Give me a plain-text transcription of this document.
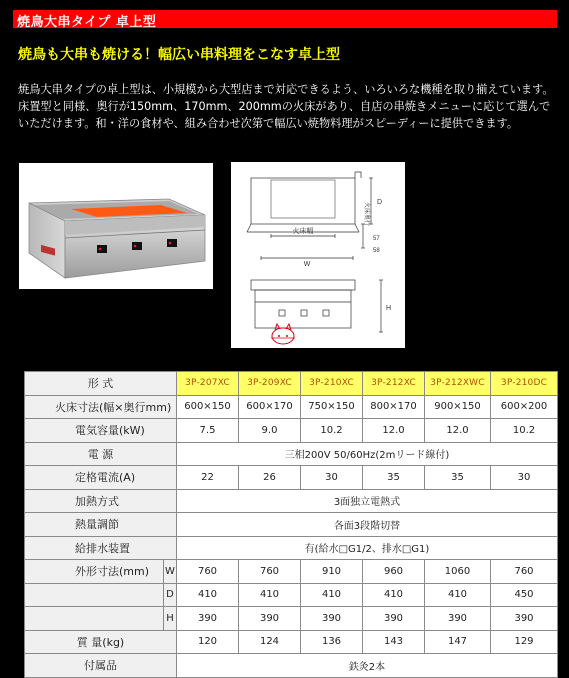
焼鳥大串タイプ 卓上型
焼鳥も大串も焼ける！幅広い串料理をこなす卓上型
焼鳥大串タイプの卓上型は、小規模から大型店まで対応できるよう、いろいろな機種を取り揃えています。床置型と同様、奥行が150mm、170mm、200mmの火床があり、自店の串焼きメニューに応じて選んでいただけます。和・洋の食材や、組み合わせ次第で幅広い焼物料理がスピーディーに提供できます。
火床幅
W
D
火床奥行
57
58
H
形 式		3P-207XC	3P-209XC	3P-210XC	3P-212XC	3P-212XWC	3P-210DC
火床寸法(幅×奥行mm)		600×150	600×170	750×150	800×170	900×150	600×200
電気容量(kW)		7.5	9.0	10.2	12.0	12.0	10.2
電 源		三相200V 50/60Hz(2mリード線付)					
定格電流(A)		22	26	30	35	35	30
加熱方式		3面独立電熱式					
熱量調節		各面3段階切替					
給排水装置		有(給水□G1/2、排水□G1)					
外形寸法(mm)	W	760	760	910	960	1060	760
	D	410	410	410	410	410	450
	H	390	390	390	390	390	390
質 量(kg)		120	124	136	143	147	129
付属品		鉄灸2本					
